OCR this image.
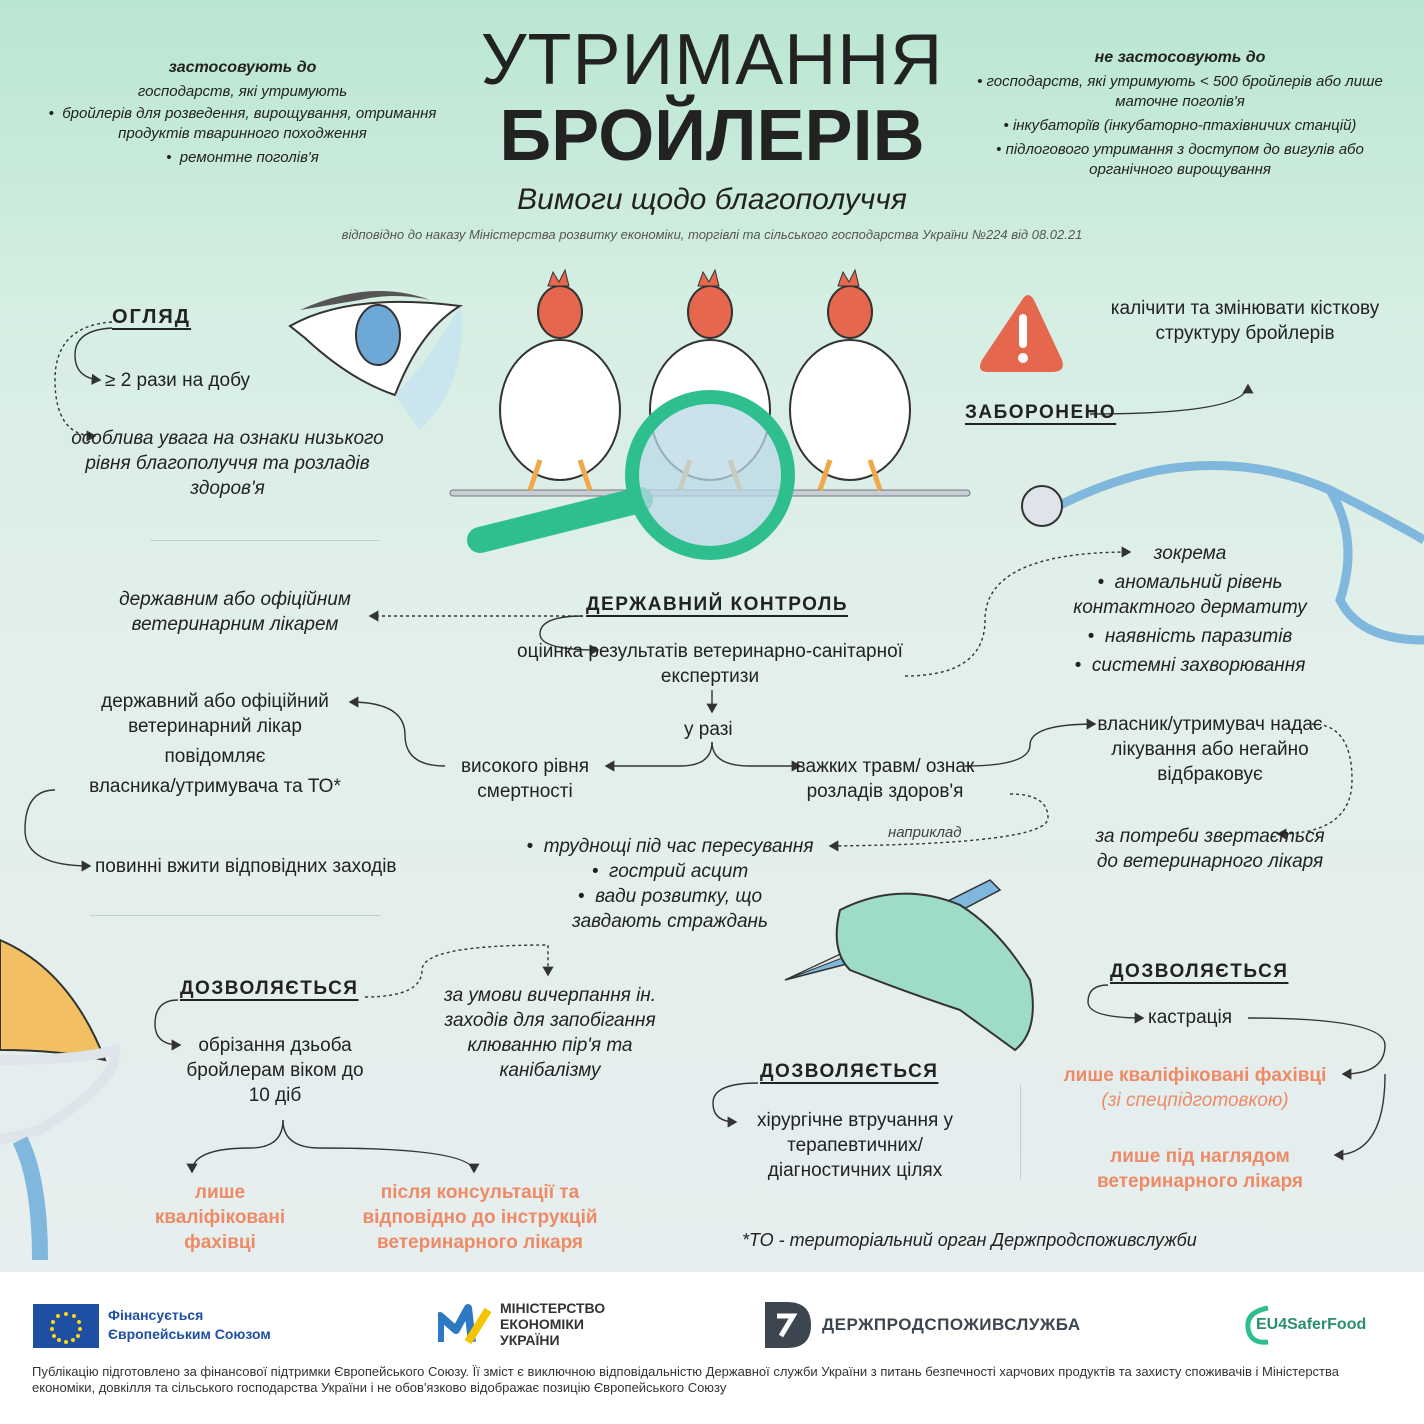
УТРИМАННЯ
БРОЙЛЕРІВ
Вимоги щодо благополуччя
відповідно до наказу Міністерства розвитку економіки, торгівлі та сільського господарства України №224 від 08.02.21
застосовують до
господарств, які утримують
•  бройлерів для розведення, вирощування, отримання продуктів тваринного походження
•  ремонтне поголів'я
не застосовують до
• господарств, які утримують < 500 бройлерів або лише маточне поголів'я
• інкубаторіїв (інкубаторно-птахівничих станцій)
• підлогового утримання з доступом до вигулів або органічного вирощування
ОГЛЯД
≥ 2 рази на добу
особлива увага на ознаки низького рівня благополуччя та розладів здоров'я
калічити та змінювати кісткову структуру бройлерів
ЗАБОРОНЕНО
ДЕРЖАВНИЙ КОНТРОЛЬ
державним або офіційним ветеринарним лікарем
оціинка результатів ветеринарно-санітарної експертизи
зокрема
•  аномальний рівень контактного дерматиту
•  наявність паразитів
•  системні захворювання
у разі
високого рівня смертності
важких травм/ ознак розладів здоров'я
державний або офіційний
ветеринарний лікар
повідомляє
власника/утримувача та ТО*
повинні вжити відповідних заходів
власник/утримувач надає лікування або негайно відбраковує
за потреби звертається до ветеринарного лікаря
наприклад
•  труднощі під час пересування
•  гострий асцит
•  вади розвитку, що завдають страждань
ДОЗВОЛЯЄТЬСЯ
обрізання дзьоба бройлерам віком до 10 діб
за умови вичерпання ін. заходів для запобігання клюванню пір'я та канібалізму
лише кваліфіковані фахівці
після консультації та відповідно до інструкцій ветеринарного лікаря
ДОЗВОЛЯЄТЬСЯ
хірургічне втручання у терапевтичних/ діагностичних цілях
ДОЗВОЛЯЄТЬСЯ
кастрація
лише кваліфіковані фахівці
(зі спецпідготовкою)
лише під наглядом ветеринарного лікаря
*ТО - територіальний орган Держпродспоживслужби
Фінансується Європейським Союзом
МІНІСТЕРСТВО ЕКОНОМІКИ УКРАЇНИ
ДЕРЖПРОДСПОЖИВСЛУЖБА	EU4SaferFood
Публікацію підготовлено за фінансової підтримки Європейського Союзу. Її зміст є виключною відповідальністю Державної служби України з питань безпечності харчових продуктів та захисту споживачів і Міністерства економіки, довкілля та сільського господарства України і не обов'язково відображає позицію Європейського Союзу
